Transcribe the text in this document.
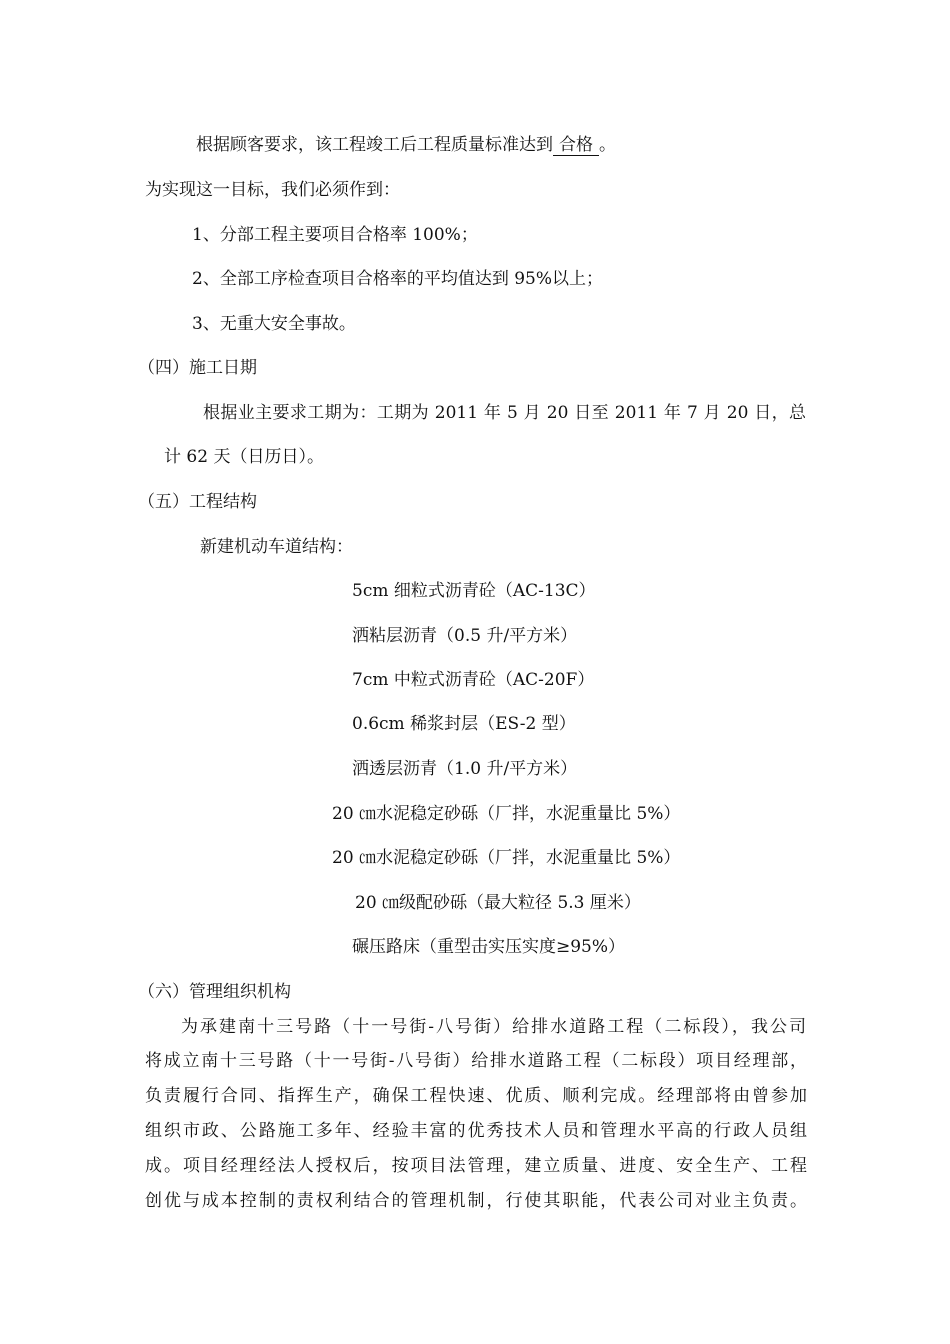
根据顾客要求，该工程竣工后工程质量标准达到 合格 。
为实现这一目标，我们必须作到：
1、分部工程主要项目合格率 100%；
2、全部工序检查项目合格率的平均值达到 95%以上；
3、无重大安全事故。
（四）施工日期
根据业主要求工期为：工期为 2011 年 5 月 20 日至 2011 年 7 月 20 日，总
计 62 天（日历日）。
（五）工程结构
新建机动车道结构：
5cm 细粒式沥青砼（AC-13C）
洒粘层沥青（0.5 升/平方米）
7cm 中粒式沥青砼（AC-20F）
0.6cm 稀浆封层（ES-2 型）
洒透层沥青（1.0 升/平方米）
20 ㎝水泥稳定砂砾（厂拌，水泥重量比 5%）
20 ㎝水泥稳定砂砾（厂拌，水泥重量比 5%）
20 ㎝级配砂砾（最大粒径 5.3 厘米）
碾压路床（重型击实压实度≥95%）
（六）管理组织机构
为承建南十三号路（十一号街-八号街）给排水道路工程（二标段），我公司
将成立南十三号路（十一号街-八号街）给排水道路工程（二标段）项目经理部，
负责履行合同、指挥生产，确保工程快速、优质、顺利完成。经理部将由曾参加
组织市政、公路施工多年、经验丰富的优秀技术人员和管理水平高的行政人员组
成。项目经理经法人授权后，按项目法管理，建立质量、进度、安全生产、工程
创优与成本控制的责权利结合的管理机制，行使其职能，代表公司对业主负责。
